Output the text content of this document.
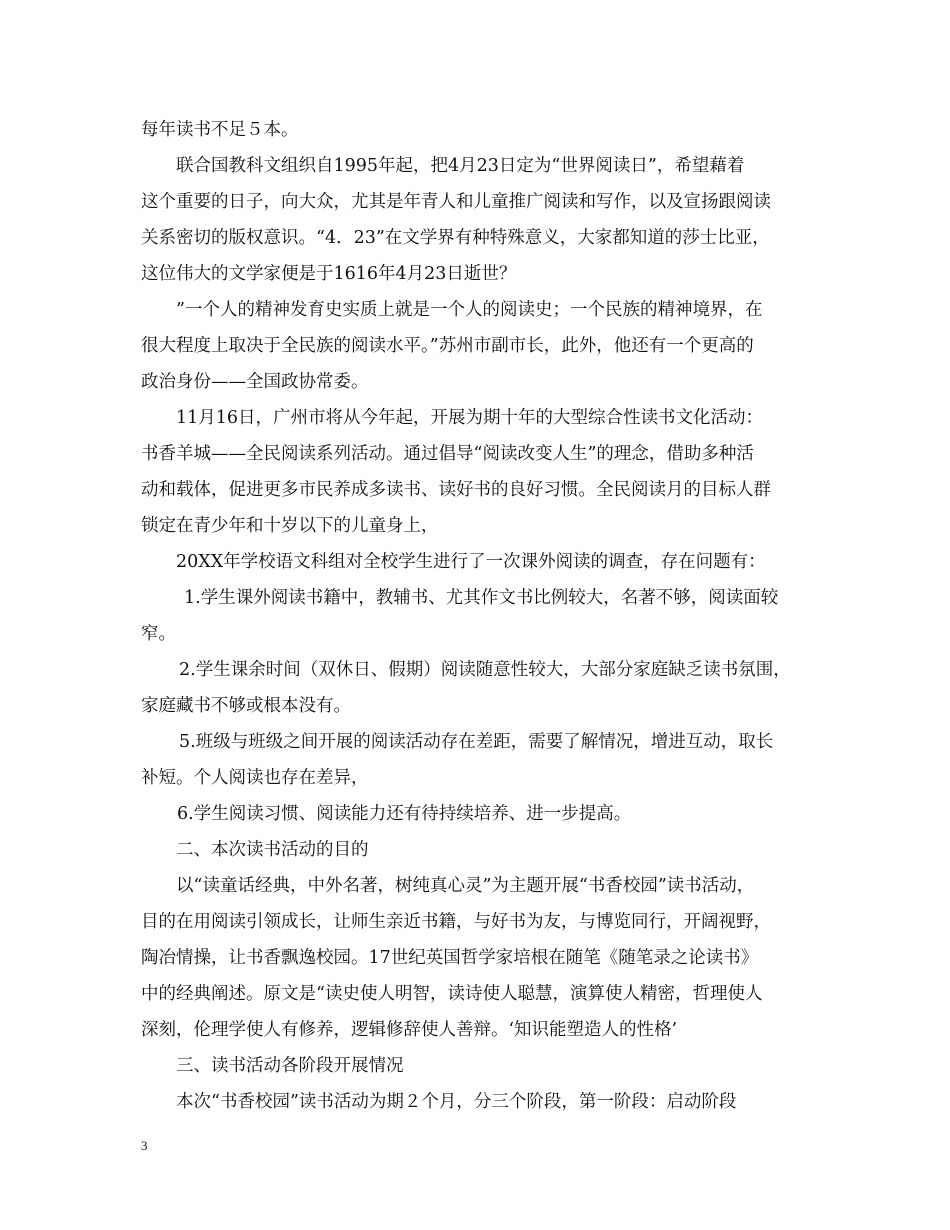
每年读书不足５本。
联合国教科文组织自1995年起，把4月23日定为“世界阅读日”，希望藉着
这个重要的日子，向大众，尤其是年青人和儿童推广阅读和写作，以及宣扬跟阅读
关系密切的版权意识。“4．23”在文学界有种特殊意义，大家都知道的莎士比亚，
这位伟大的文学家便是于1616年4月23日逝世？
”一个人的精神发育史实质上就是一个人的阅读史；一个民族的精神境界，在
很大程度上取决于全民族的阅读水平。”苏州市副市长，此外，他还有一个更高的
政治身份——全国政协常委。
11月16日，广州市将从今年起，开展为期十年的大型综合性读书文化活动：
书香羊城——全民阅读系列活动。通过倡导“阅读改变人生”的理念，借助多种活
动和载体，促进更多市民养成多读书、读好书的良好习惯。全民阅读月的目标人群
锁定在青少年和十岁以下的儿童身上，
20XX年学校语文科组对全校学生进行了一次课外阅读的调查，存在问题有：
1.学生课外阅读书籍中，教辅书、尤其作文书比例较大，名著不够，阅读面较
窄。
2.学生课余时间（双休日、假期）阅读随意性较大，大部分家庭缺乏读书氛围，
家庭藏书不够或根本没有。
5.班级与班级之间开展的阅读活动存在差距，需要了解情况，增进互动，取长
补短。个人阅读也存在差异，
6.学生阅读习惯、阅读能力还有待持续培养、进一步提高。
二、本次读书活动的目的
以“读童话经典，中外名著，树纯真心灵”为主题开展“书香校园”读书活动，
目的在用阅读引领成长，让师生亲近书籍，与好书为友，与博览同行，开阔视野，
陶冶情操，让书香飘逸校园。17世纪英国哲学家培根在随笔《随笔录之论读书》
中的经典阐述。原文是“读史使人明智，读诗使人聪慧，演算使人精密，哲理使人
深刻，伦理学使人有修养，逻辑修辞使人善辩。‘知识能塑造人的性格’
三、读书活动各阶段开展情况
本次“书香校园”读书活动为期２个月，分三个阶段，第一阶段：启动阶段
3
